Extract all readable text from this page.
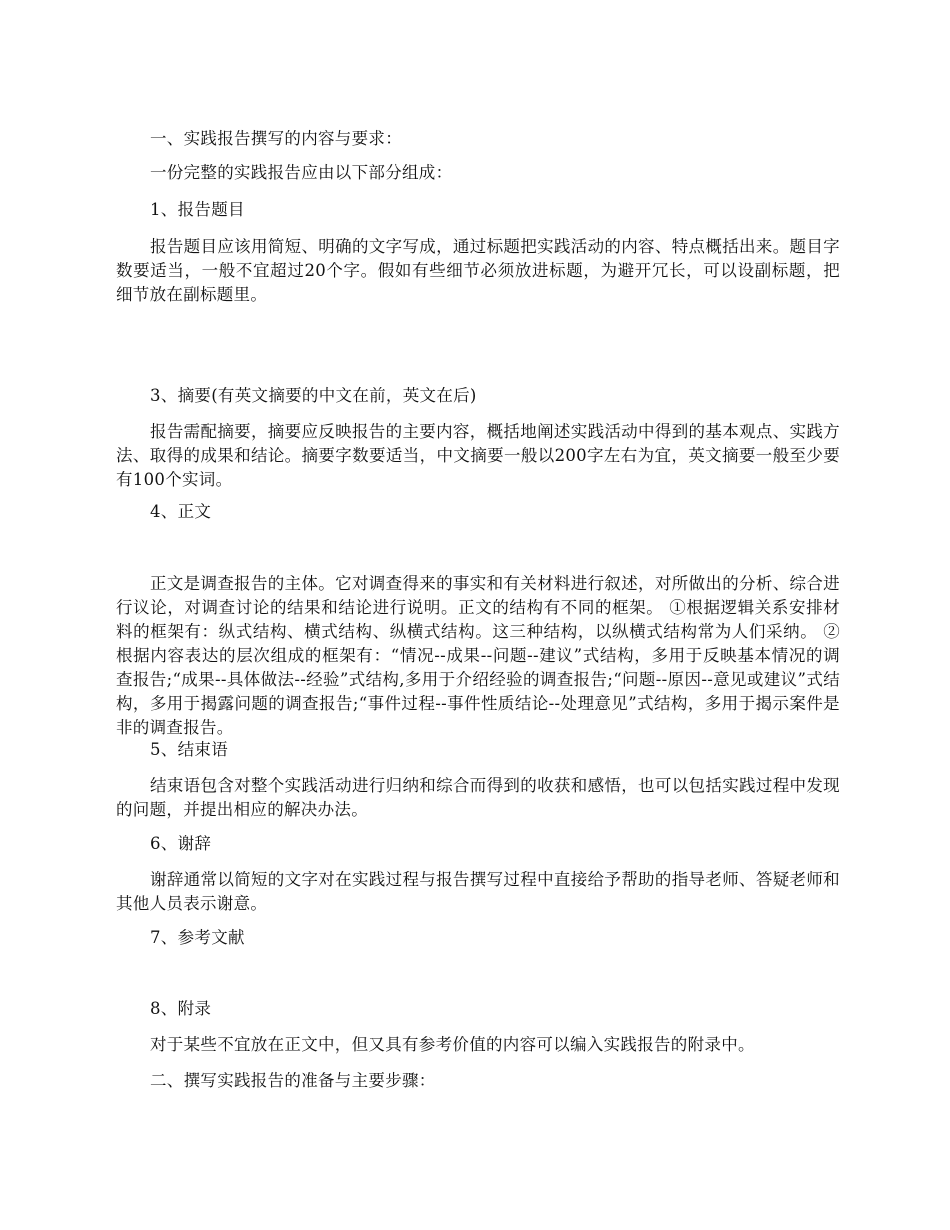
一、实践报告撰写的内容与要求：

一份完整的实践报告应由以下部分组成：

1、报告题目

报告题目应该用简短、明确的文字写成，通过标题把实践活动的内容、特点概括出来。题目字数要适当，一般不宜超过20个字。假如有些细节必须放进标题，为避开冗长，可以设副标题，把细节放在副标题里。

3、摘要(有英文摘要的中文在前，英文在后)

报告需配摘要，摘要应反映报告的主要内容，概括地阐述实践活动中得到的基本观点、实践方法、取得的成果和结论。摘要字数要适当，中文摘要一般以200字左右为宜，英文摘要一般至少要有100个实词。

4、正文

正文是调查报告的主体。它对调查得来的事实和有关材料进行叙述，对所做出的分析、综合进行议论，对调查讨论的结果和结论进行说明。正文的结构有不同的框架。 ①根据逻辑关系安排材料的框架有：纵式结构、横式结构、纵横式结构。这三种结构，以纵横式结构常为人们采纳。 ②根据内容表达的层次组成的框架有：“情况--成果--问题--建议”式结构，多用于反映基本情况的调查报告;“成果--具体做法--经验”式结构,多用于介绍经验的调查报告;“问题--原因--意见或建议”式结构，多用于揭露问题的调查报告;“事件过程--事件性质结论--处理意见”式结构，多用于揭示案件是非的调查报告。

5、结束语

结束语包含对整个实践活动进行归纳和综合而得到的收获和感悟，也可以包括实践过程中发现的问题，并提出相应的解决办法。

6、谢辞

谢辞通常以简短的文字对在实践过程与报告撰写过程中直接给予帮助的指导老师、答疑老师和其他人员表示谢意。

7、参考文献

8、附录

对于某些不宜放在正文中，但又具有参考价值的内容可以编入实践报告的附录中。

二、撰写实践报告的准备与主要步骤：
